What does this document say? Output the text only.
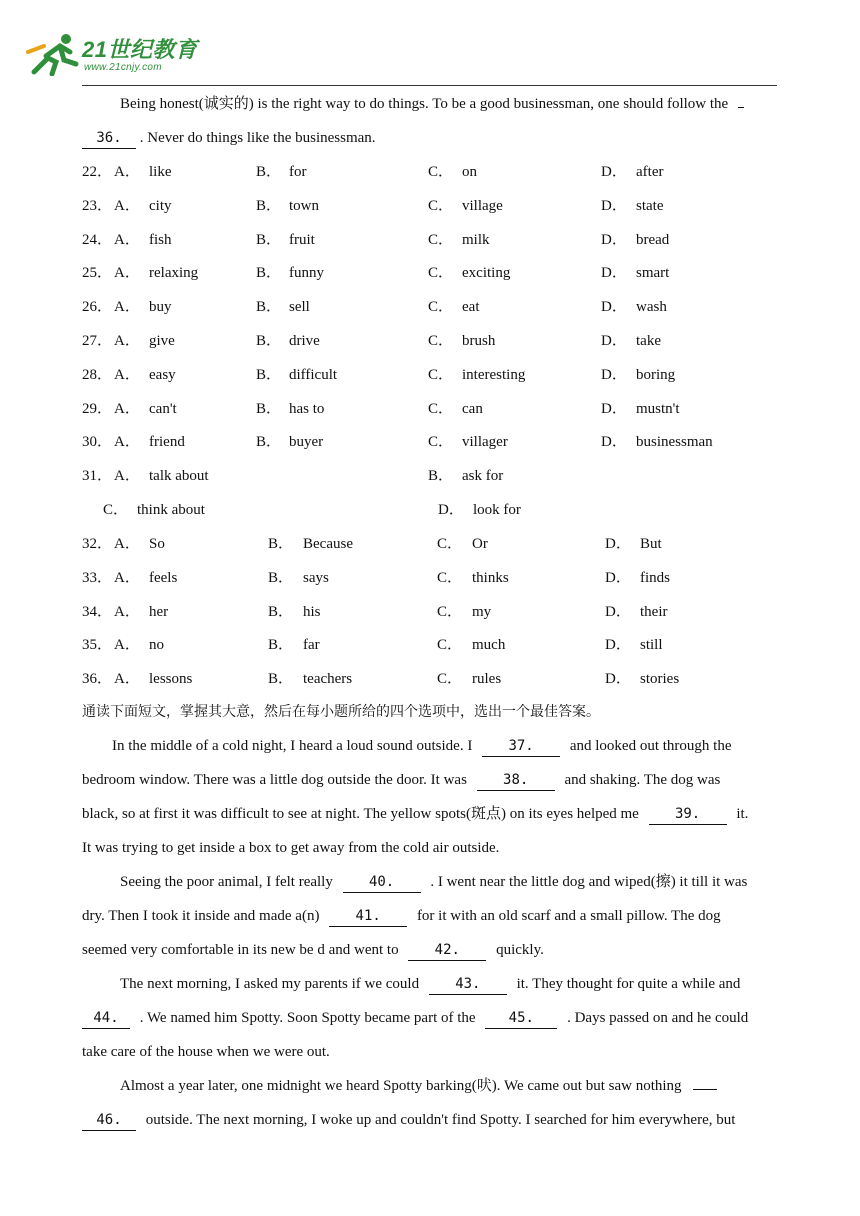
21世纪教育
www.21cnjy.com
Being honest(诚实的) is the right way to do things. To be a good businessman, one should follow the
36. . Never do things like the businessman.
22． A． like	B． for	C． on	D． after
23． A． city	B． town	C． village	D． state
24． A． fish	B． fruit	C． milk	D． bread
25． A． relaxing	B． funny	C． exciting	D． smart
26． A． buy	B． sell	C． eat	D． wash
27． A． give	B． drive	C． brush	D． take
28． A． easy	B． difficult	C． interesting	D． boring
29． A． can't	B． has to	C． can	D． mustn't
30． A． friend	B． buyer	C． villager	D． businessman
31． A． talk about	B． ask for
C． think about	D． look for
32． A． So	B． Because	C． Or	D． But
33． A． feels	B． says	C． thinks	D． finds
34． A． her	B． his	C． my	D． their
35． A． no	B． far	C． much	D． still
36． A． lessons	B． teachers	C． rules	D． stories
通读下面短文，掌握其大意，然后在每小题所给的四个选项中，选出一个最佳答案。
In the middle of a cold night, I heard a loud sound outside. I	37. and looked out through the
bedroom window. There was a little dog outside the door. It was	38. and shaking. The dog was
black, so at first it was difficult to see at night. The yellow spots(斑点) on its eyes helped me	39. it.
It was trying to get inside a box to get away from the cold air outside.
Seeing the poor animal, I felt really	40. . I went near the little dog and wiped(擦) it till it was
dry. Then I took it inside and made a(n)	41. for it with an old scarf and a small pillow. The dog
seemed very comfortable in its new be d and went to	42. quickly.
The next morning, I asked my parents if we could	43. it. They thought for quite a while and
44. . We named him Spotty. Soon Spotty became part of the 45. . Days passed on and he could
take care of the house when we were out.
Almost a year later, one midnight we heard Spotty barking(吠). We came out but saw nothing
46. outside. The next morning, I woke up and couldn't find Spotty. I searched for him everywhere, but
